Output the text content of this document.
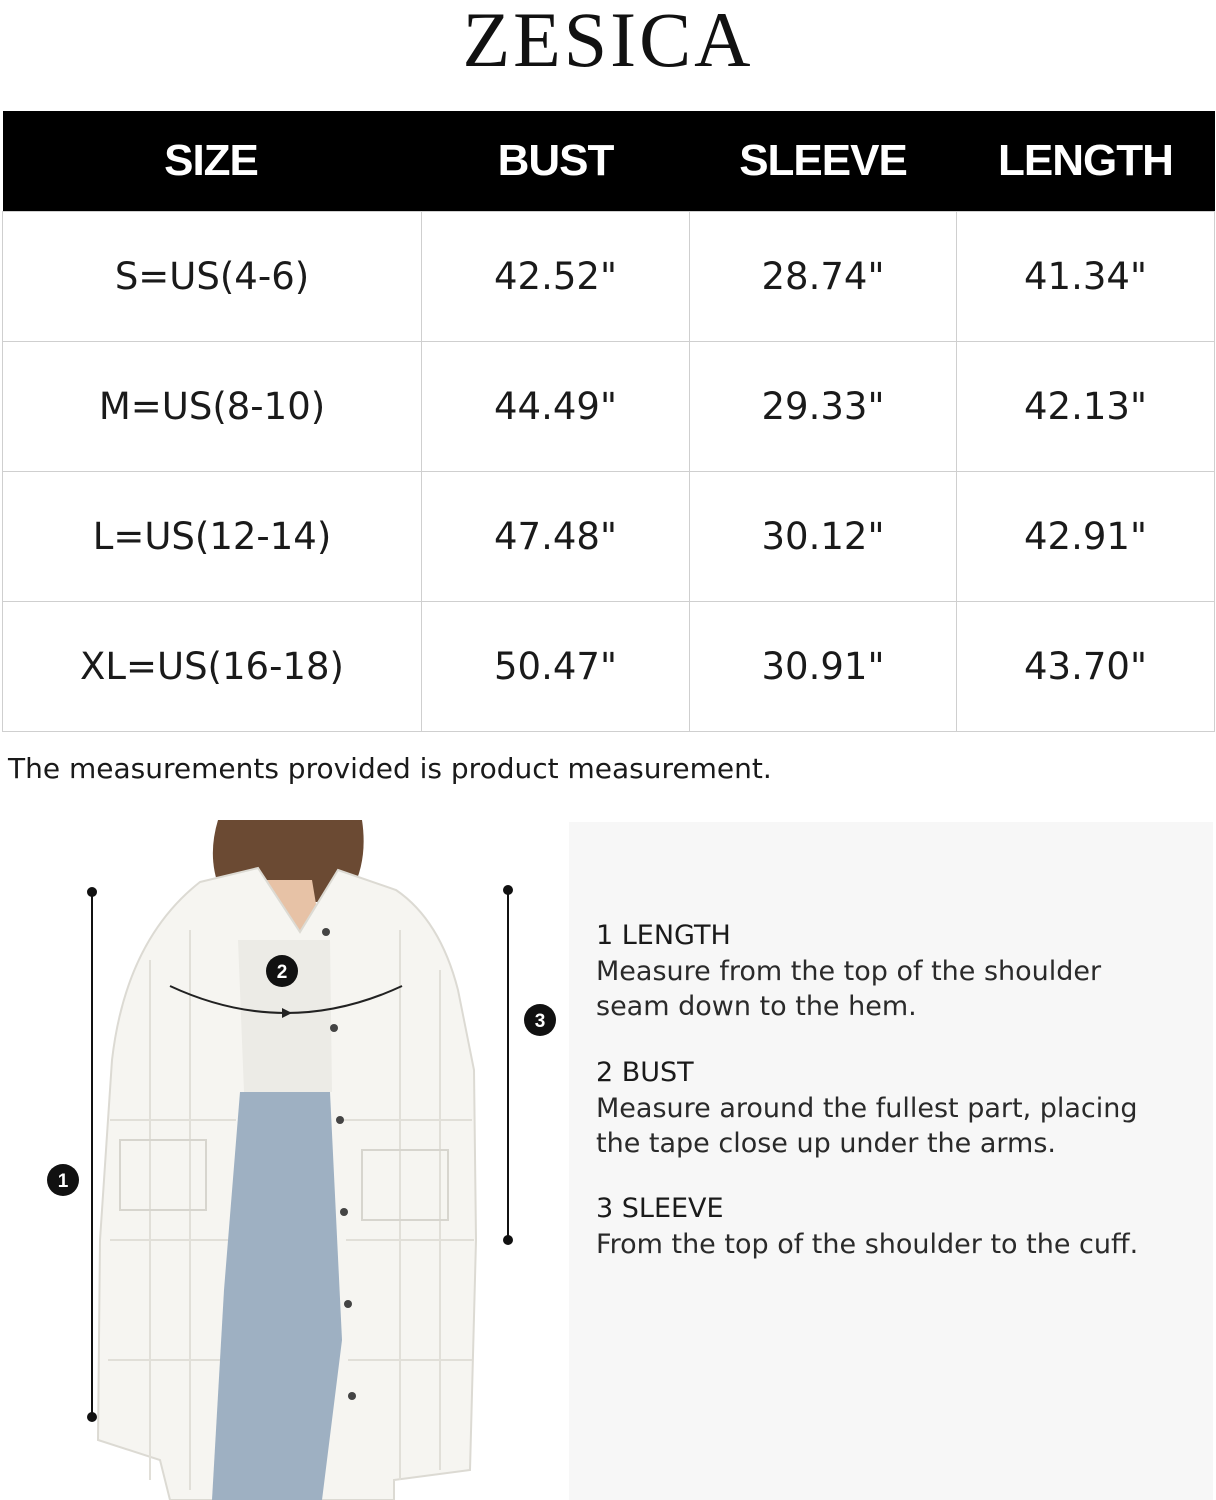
ZESICA
SIZE	BUST	SLEEVE	LENGTH
S=US(4-6)	42.52"	28.74"	41.34"
M=US(8-10)	44.49"	29.33"	42.13"
L=US(12-14)	47.48"	30.12"	42.91"
XL=US(16-18)	50.47"	30.91"	43.70"
The measurements provided is product measurement.
1
2
3
1 LENGTH
Measure from the top of the shoulder
seam down to the hem.
2 BUST
Measure around the fullest part, placing
the tape close up under the arms.
3 SLEEVE
From the top of the shoulder to the cuff.
